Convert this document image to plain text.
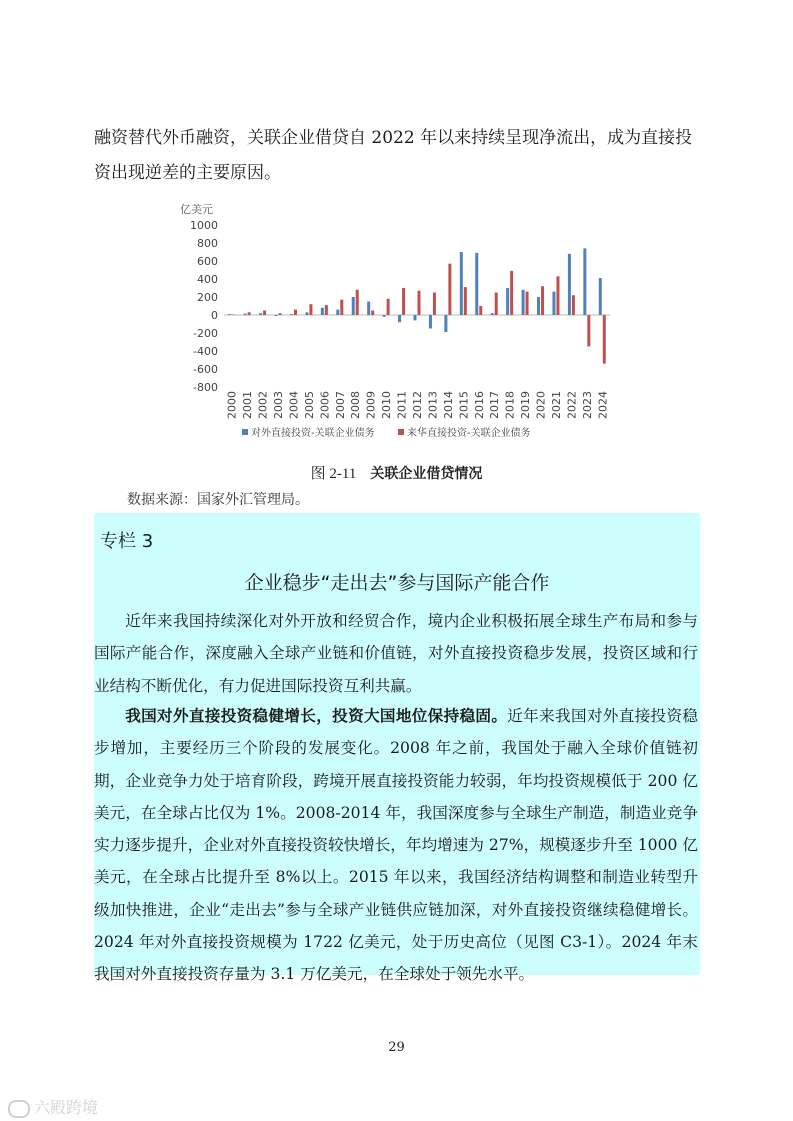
融资替代外币融资，关联企业借贷自 2022 年以来持续呈现净流出，成为直接投资出现逆差的主要原因。

亿美元
1000
800
600
400
200
0
-200
-400
-600
-800
2000 2001 2002 2003 2004 2005 2006 2007 2008 2009 2010 2011 2012 2013 2014 2015 2016 2017 2018 2019 2020 2021 2022 2023 2024
对外直接投资-关联企业债务	来华直接投资-关联企业债务
图 2-11 关联企业借贷情况
数据来源：国家外汇管理局。
专栏 3
企业稳步“走出去”参与国际产能合作

近年来我国持续深化对外开放和经贸合作，境内企业积极拓展全球生产布局和参与国际产能合作，深度融入全球产业链和价值链，对外直接投资稳步发展，投资区域和行业结构不断优化，有力促进国际投资互利共赢。

我国对外直接投资稳健增长，投资大国地位保持稳固。近年来我国对外直接投资稳步增加，主要经历三个阶段的发展变化。2008 年之前，我国处于融入全球价值链初期，企业竞争力处于培育阶段，跨境开展直接投资能力较弱，年均投资规模低于 200 亿美元，在全球占比仅为 1%。2008-2014 年，我国深度参与全球生产制造，制造业竞争实力逐步提升，企业对外直接投资较快增长，年均增速为 27%，规模逐步升至 1000 亿美元，在全球占比提升至 8%以上。2015 年以来，我国经济结构调整和制造业转型升级加快推进，企业“走出去”参与全球产业链供应链加深，对外直接投资继续稳健增长。2024 年对外直接投资规模为 1722 亿美元，处于历史高位（见图 C3-1）。2024 年末我国对外直接投资存量为 3.1 万亿美元，在全球处于领先水平。

29
六殿跨境
